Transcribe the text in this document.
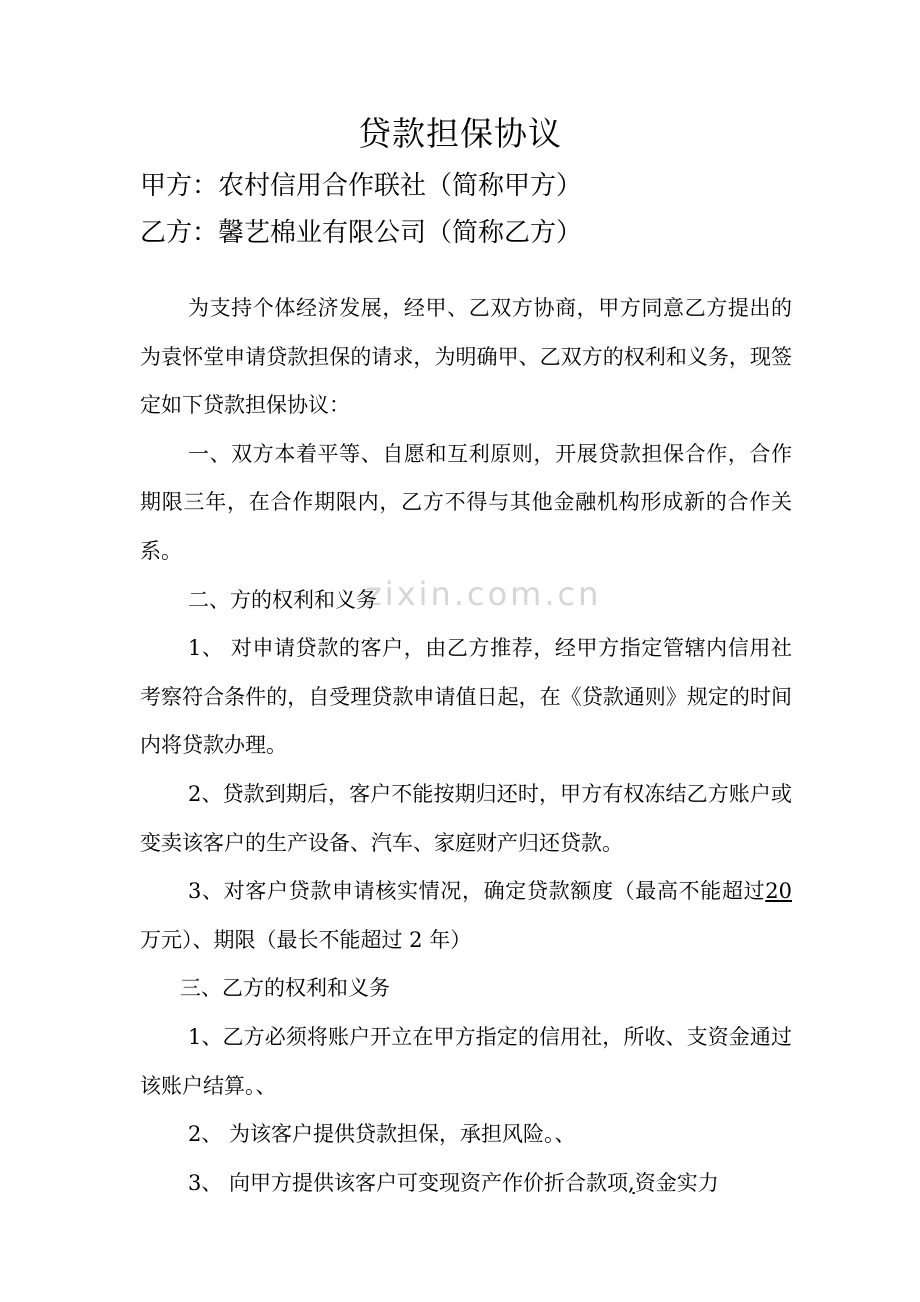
zixin.com.cn
贷款担保协议
甲方：农村信用合作联社（简称甲方）
乙方：馨艺棉业有限公司（简称乙方）

为支持个体经济发展，经甲、乙双方协商，甲方同意乙方提出的为袁怀堂申请贷款担保的请求，为明确甲、乙双方的权利和义务，现签定如下贷款担保协议：

一、双方本着平等、自愿和互利原则，开展贷款担保合作，合作期限三年，在合作期限内，乙方不得与其他金融机构形成新的合作关系。

二、方的权利和义务

1、 对申请贷款的客户，由乙方推荐，经甲方指定管辖内信用社考察符合条件的，自受理贷款申请值日起，在《贷款通则》规定的时间内将贷款办理。

2、贷款到期后，客户不能按期归还时，甲方有权冻结乙方账户或变卖该客户的生产设备、汽车、家庭财产归还贷款。

3、对客户贷款申请核实情况，确定贷款额度（最高不能超过20万元）、期限（最长不能超过 2 年）

三、乙方的权利和义务

1、乙方必须将账户开立在甲方指定的信用社，所收、支资金通过该账户结算。、

2、 为该客户提供贷款担保，承担风险。、

3、 向甲方提供该客户可变现资产作价折合款项,资金实力
